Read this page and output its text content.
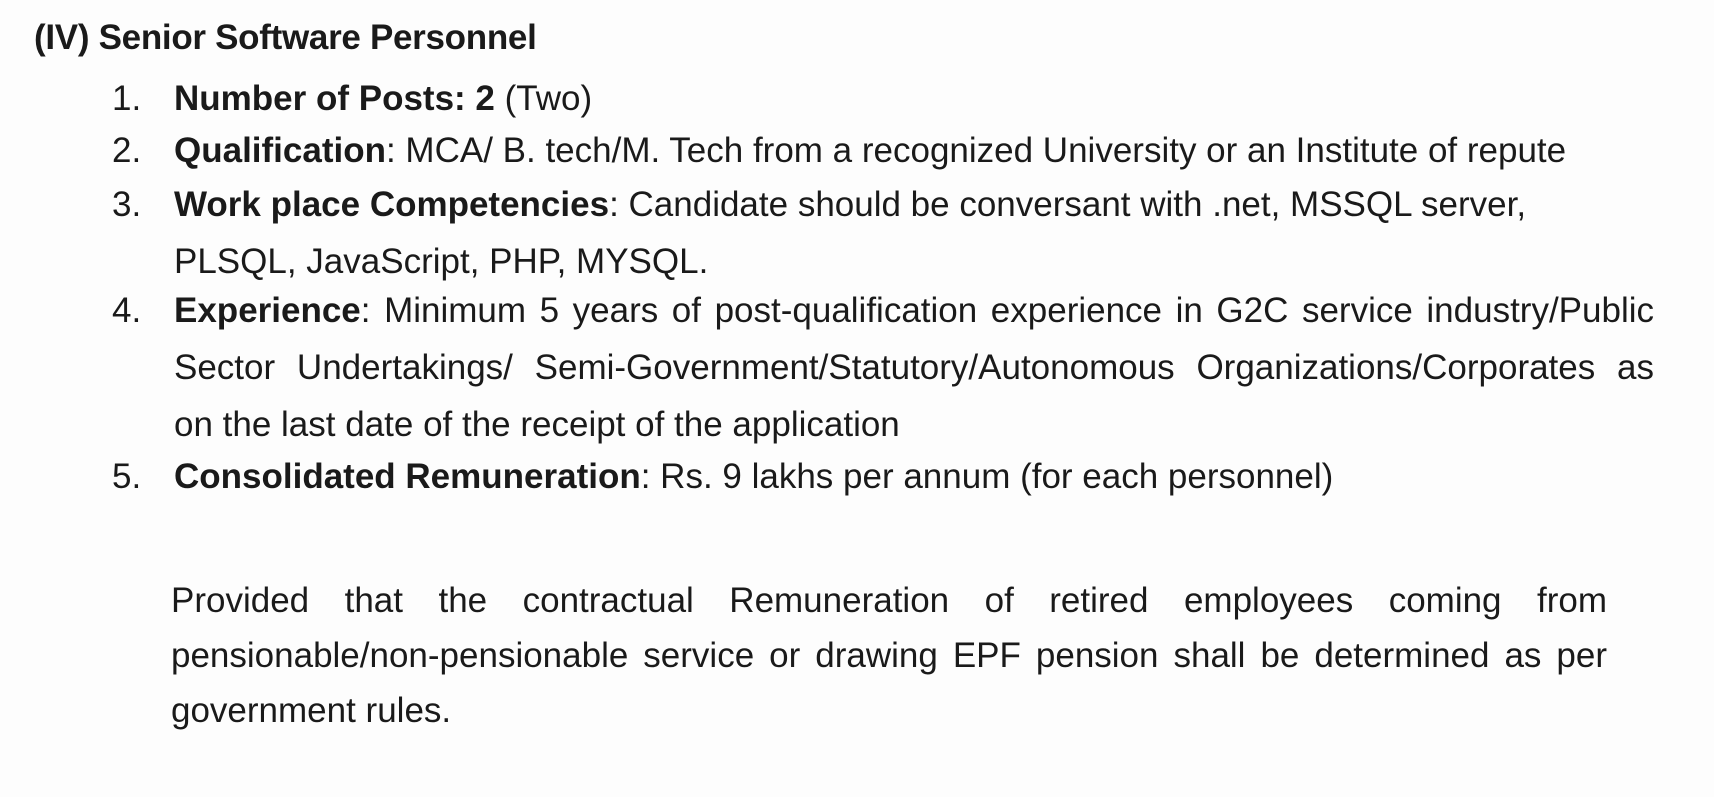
(IV) Senior Software Personnel
1. Number of Posts: 2 (Two)
2. Qualification: MCA/ B. tech/M. Tech from a recognized University or an Institute of repute
3. Work place Competencies: Candidate should be conversant with .net, MSSQL server, PLSQL, JavaScript, PHP, MYSQL.
4. Experience: Minimum 5 years of post-qualification experience in G2C service industry/Public Sector Undertakings/ Semi-Government/Statutory/Autonomous Organizations/Corporates as on the last date of the receipt of the application
5. Consolidated Remuneration: Rs. 9 lakhs per annum (for each personnel)
Provided that the contractual Remuneration of retired employees coming from pensionable/non-pensionable service or drawing EPF pension shall be determined as per government rules.
